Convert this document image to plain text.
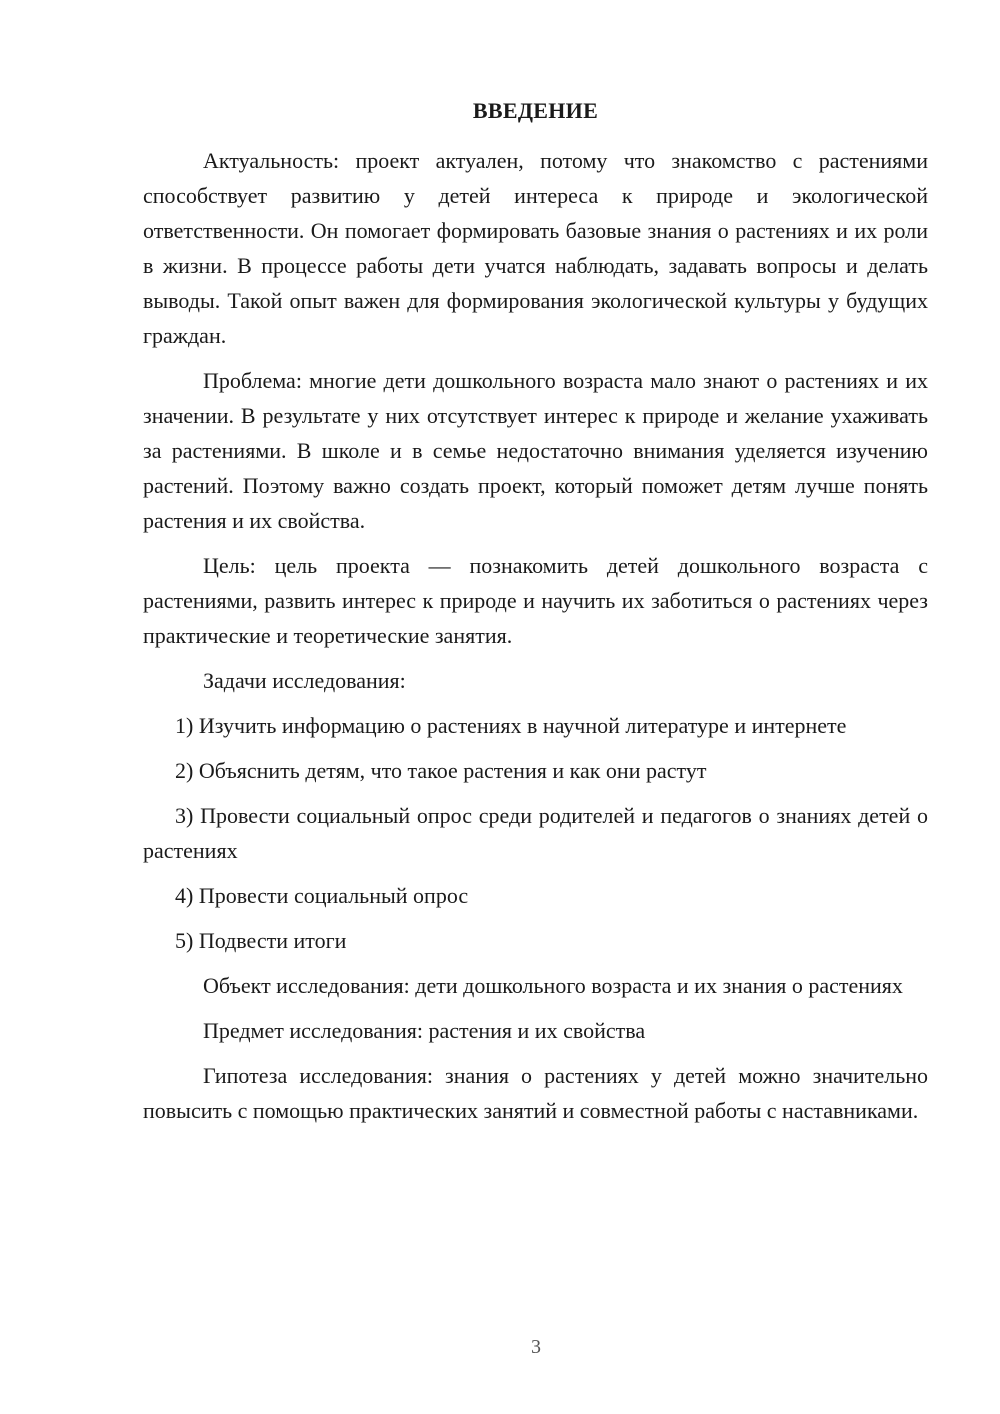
ВВЕДЕНИЕ

Актуальность: проект актуален, потому что знакомство с растениями способствует развитию у детей интереса к природе и экологической ответственности. Он помогает формировать базовые знания о растениях и их роли в жизни. В процессе работы дети учатся наблюдать, задавать вопросы и делать выводы. Такой опыт важен для формирования экологической культуры у будущих граждан.

Проблема: многие дети дошкольного возраста мало знают о растениях и их значении. В результате у них отсутствует интерес к природе и желание ухаживать за растениями. В школе и в семье недостаточно внимания уделяется изучению растений. Поэтому важно создать проект, который поможет детям лучше понять растения и их свойства.

Цель: цель проекта — познакомить детей дошкольного возраста с растениями, развить интерес к природе и научить их заботиться о растениях через практические и теоретические занятия.

Задачи исследования:

1) Изучить информацию о растениях в научной литературе и интернете

2) Объяснить детям, что такое растения и как они растут

3) Провести социальный опрос среди родителей и педагогов о знаниях детей о растениях

4) Провести социальный опрос

5) Подвести итоги

Объект исследования: дети дошкольного возраста и их знания о растениях

Предмет исследования: растения и их свойства

Гипотеза исследования: знания о растениях у детей можно значительно повысить с помощью практических занятий и совместной работы с наставниками.

3
